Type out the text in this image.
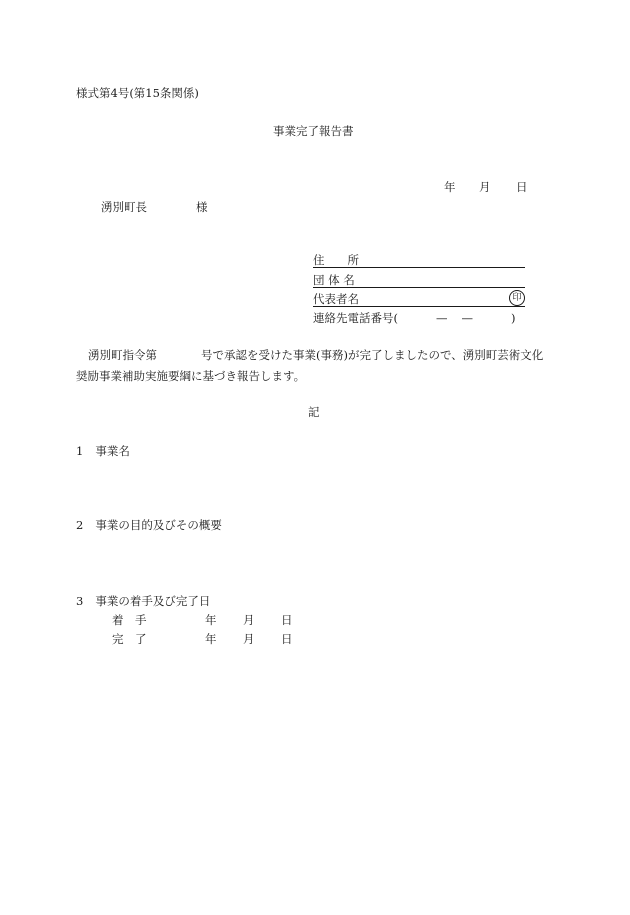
様式第4号(第15条関係)
事業完了報告書
年 月 日
湧別町長	様
住　　所
団 体 名
代表者名	印
連絡先電話番号(	— —	)
湧別町指令第	号で承認を受けた事業(事務)が完了しましたので、湧別町芸術文化
奨励事業補助実施要綱に基づき報告します。
記
1 事業名
2 事業の目的及びその概要
3 事業の着手及び完了日
着　手	年 月 日
完　了	年 月 日
